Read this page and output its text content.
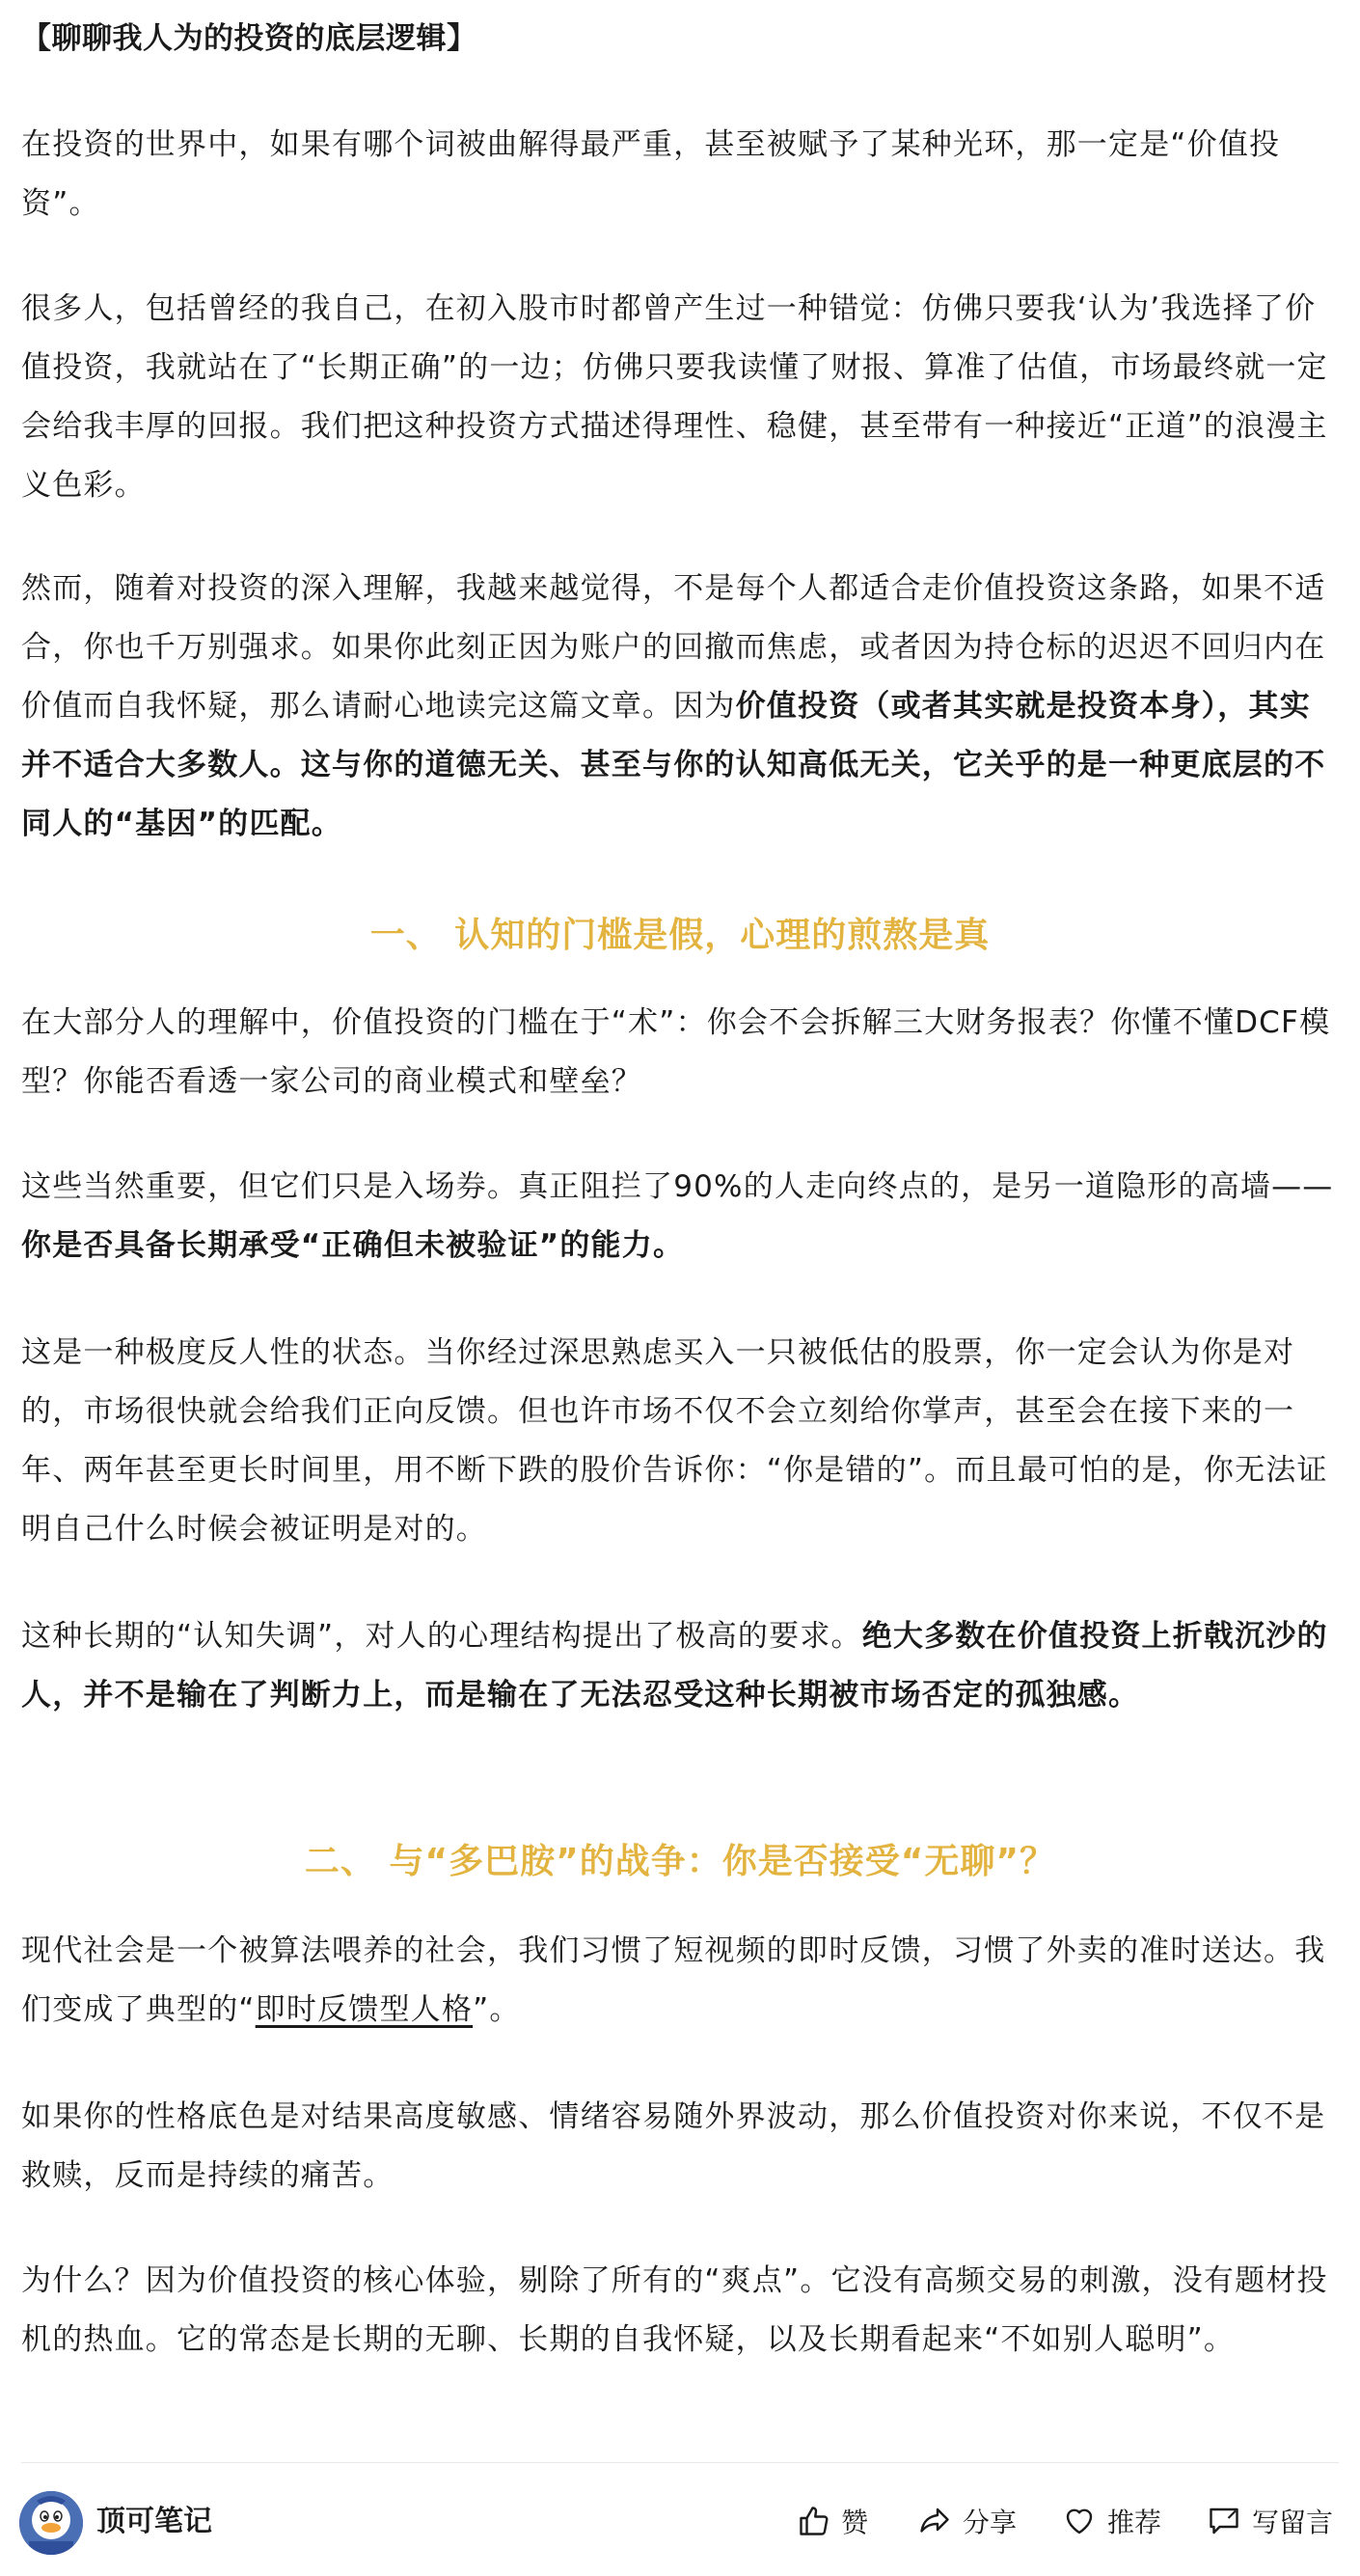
【聊聊我人为的投资的底层逻辑】

在投资的世界中，如果有哪个词被曲解得最严重，甚至被赋予了某种光环，那一定是“价值投资”。

很多人，包括曾经的我自己，在初入股市时都曾产生过一种错觉：仿佛只要我‘认为’我选择了价值投资，我就站在了“长期正确”的一边；仿佛只要我读懂了财报、算准了估值，市场最终就一定会给我丰厚的回报。我们把这种投资方式描述得理性、稳健，甚至带有一种接近“正道”的浪漫主义色彩。

然而，随着对投资的深入理解，我越来越觉得，不是每个人都适合走价值投资这条路，如果不适合，你也千万别强求。如果你此刻正因为账户的回撤而焦虑，或者因为持仓标的迟迟不回归内在价值而自我怀疑，那么请耐心地读完这篇文章。因为价值投资（或者其实就是投资本身），其实并不适合大多数人。这与你的道德无关、甚至与你的认知高低无关，它关乎的是一种更底层的不同人的“基因”的匹配。

一、 认知的门槛是假，心理的煎熬是真

在大部分人的理解中，价值投资的门槛在于“术”：你会不会拆解三大财务报表？你懂不懂DCF模型？你能否看透一家公司的商业模式和壁垒？

这些当然重要，但它们只是入场券。真正阻拦了90%的人走向终点的，是另一道隐形的高墙——你是否具备长期承受“正确但未被验证”的能力。

这是一种极度反人性的状态。当你经过深思熟虑买入一只被低估的股票，你一定会认为你是对的，市场很快就会给我们正向反馈。但也许市场不仅不会立刻给你掌声，甚至会在接下来的一年、两年甚至更长时间里，用不断下跌的股价告诉你：“你是错的”。而且最可怕的是，你无法证明自己什么时候会被证明是对的。

这种长期的“认知失调”，对人的心理结构提出了极高的要求。绝大多数在价值投资上折戟沉沙的人，并不是输在了判断力上，而是输在了无法忍受这种长期被市场否定的孤独感。

二、 与“多巴胺”的战争：你是否接受“无聊”？

现代社会是一个被算法喂养的社会，我们习惯了短视频的即时反馈，习惯了外卖的准时送达。我们变成了典型的“即时反馈型人格”。

如果你的性格底色是对结果高度敏感、情绪容易随外界波动，那么价值投资对你来说，不仅不是救赎，反而是持续的痛苦。

为什么？因为价值投资的核心体验，剔除了所有的“爽点”。它没有高频交易的刺激，没有题材投机的热血。它的常态是长期的无聊、长期的自我怀疑，以及长期看起来“不如别人聪明”。

顶可笔记	赞	分享	推荐	写留言
